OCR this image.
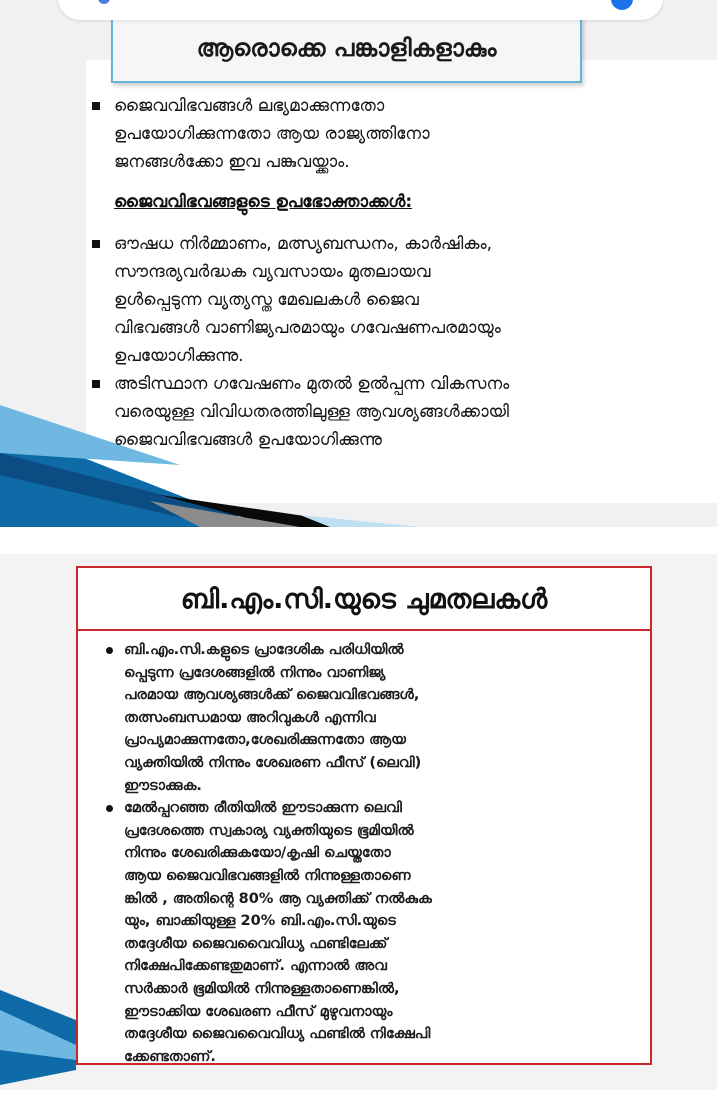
ആരൊക്കെ പങ്കാളികളാകും
ജൈവവിഭവങ്ങൾ ലഭ്യമാക്കുന്നതോ
ഉപയോഗിക്കുന്നതോ ആയ രാജ്യത്തിനോ
ജനങ്ങൾക്കോ ഇവ പങ്കുവയ്ക്കാം.
ജൈവവിഭവങ്ങളുടെ ഉപഭോക്താക്കൾ:
ഔഷധ നിർമ്മാണം, മത്സ്യബന്ധനം, കാർഷികം,
സൗന്ദര്യവർദ്ധക വ്യവസായം മുതലായവ
ഉൾപ്പെടുന്ന വ്യത്യസ്ത മേഖലകൾ ജൈവ
വിഭവങ്ങൾ വാണിജ്യപരമായും ഗവേഷണപരമായും
ഉപയോഗിക്കുന്നു.
അടിസ്ഥാന ഗവേഷണം മുതൽ ഉൽപ്പന്ന വികസനം
വരെയുള്ള വിവിധതരത്തിലുള്ള ആവശ്യങ്ങൾക്കായി
ജൈവവിഭവങ്ങൾ ഉപയോഗിക്കുന്നു
ബി.എം.സി.യുടെ ചുമതലകൾ
ബി.എം.സി.കളുടെ പ്രാദേശിക പരിധിയിൽ
പ്പെടുന്ന പ്രദേശങ്ങളിൽ നിന്നും വാണിജ്യ
പരമായ ആവശ്യങ്ങൾക്ക് ജൈവവിഭവങ്ങൾ,
തത്സംബന്ധമായ അറിവുകൾ എന്നിവ
പ്രാപ്യമാക്കുന്നതോ,ശേഖരിക്കുന്നതോ ആയ
വ്യക്തിയിൽ നിന്നും ശേഖരണ ഫീസ് (ലെവി)
ഈടാക്കുക.
മേൽപ്പറഞ്ഞ രീതിയിൽ ഈടാക്കുന്ന ലെവി
പ്രദേശത്തെ സ്വകാര്യ വ്യക്തിയുടെ ഭൂമിയിൽ
നിന്നും ശേഖരിക്കുകയോ/കൃഷി ചെയ്തതോ
ആയ ജൈവവിഭവങ്ങളിൽ നിന്നുള്ളതാണെ
ങ്കിൽ , അതിന്റെ 80% ആ വ്യക്തിക്ക് നൽകുക
യും, ബാക്കിയുള്ള 20% ബി.എം.സി.യുടെ
തദ്ദേശീയ ജൈവവൈവിധ്യ ഫണ്ടിലേക്ക്
നിക്ഷേപിക്കേണ്ടതുമാണ്. എന്നാൽ അവ
സർക്കാർ ഭൂമിയിൽ നിന്നുള്ളതാണെങ്കിൽ,
ഈടാക്കിയ ശേഖരണ ഫീസ് മുഴുവനായും
തദ്ദേശീയ ജൈവവൈവിധ്യ ഫണ്ടിൽ നിക്ഷേപി
ക്കേണ്ടതാണ്.
